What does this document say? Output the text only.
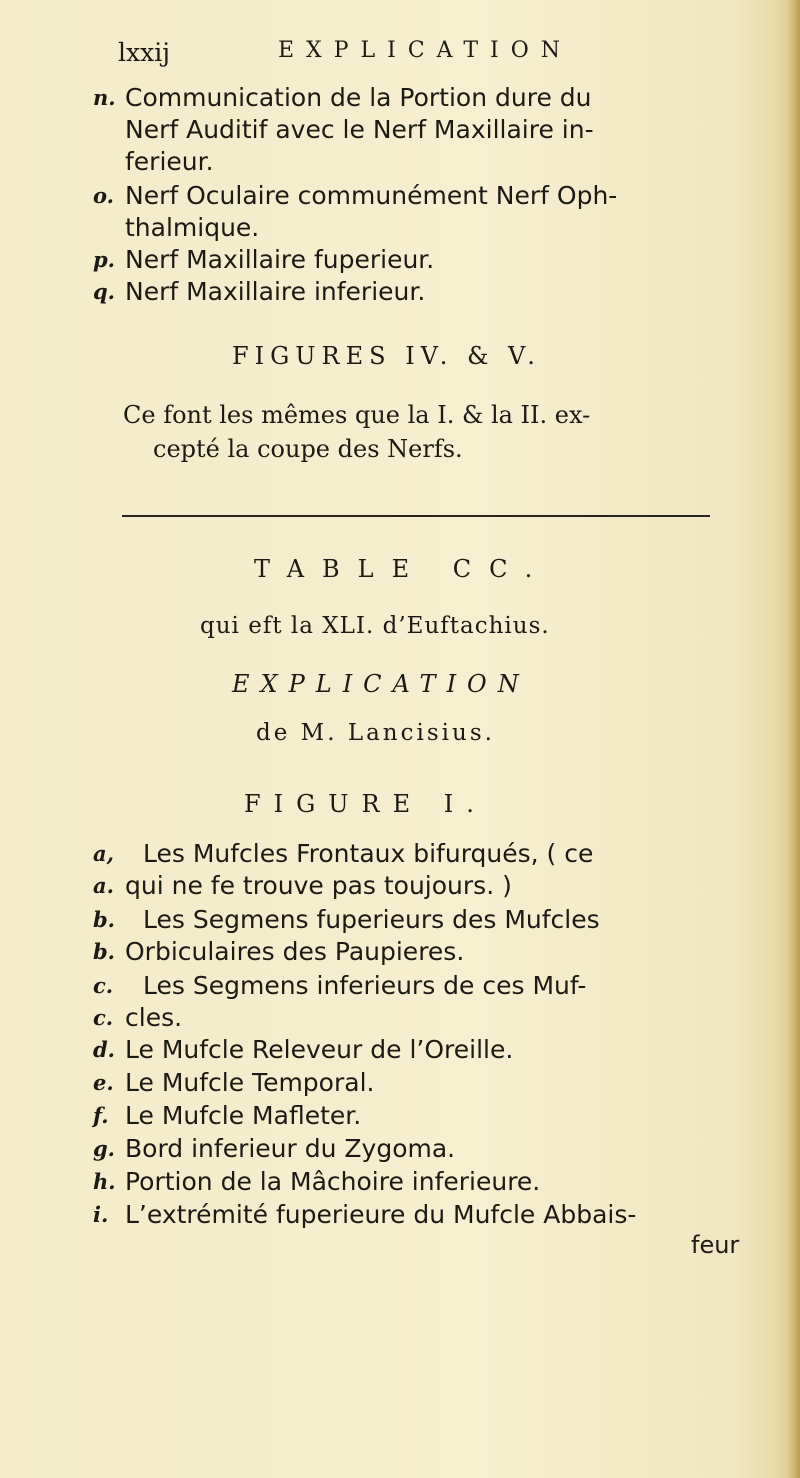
lxxij	EXPLICATION
n. Communication de la Portion dure du
Nerf Auditif avec le Nerf Maxillaire in-
ferieur.
o. Nerf Oculaire communément Nerf Oph-
thalmique.
p. Nerf Maxillaire fuperieur.
q. Nerf Maxillaire inferieur.
FIGURES IV. & V.
Ce font les mêmes que la I. & la II. ex-
cepté la coupe des Nerfs.
TABLE CC.
qui eft la XLI. d’Euftachius.
EXPLICATION
de M. Lancisius.
FIGURE I.
a, a.
Les Mufcles Frontaux bifurqués, ( ce
qui ne fe trouve pas toujours. )
b. b.
Les Segmens fuperieurs des Mufcles
Orbiculaires des Paupieres.
c. c.
Les Segmens inferieurs de ces Muf-
cles.
d. Le Mufcle Releveur de l’Oreille.
e. Le Mufcle Temporal.
f. Le Mufcle Mafleter.
g. Bord inferieur du Zygoma.
h. Portion de la Mâchoire inferieure.
i. L’extrémité fuperieure du Mufcle Abbais-
feur
